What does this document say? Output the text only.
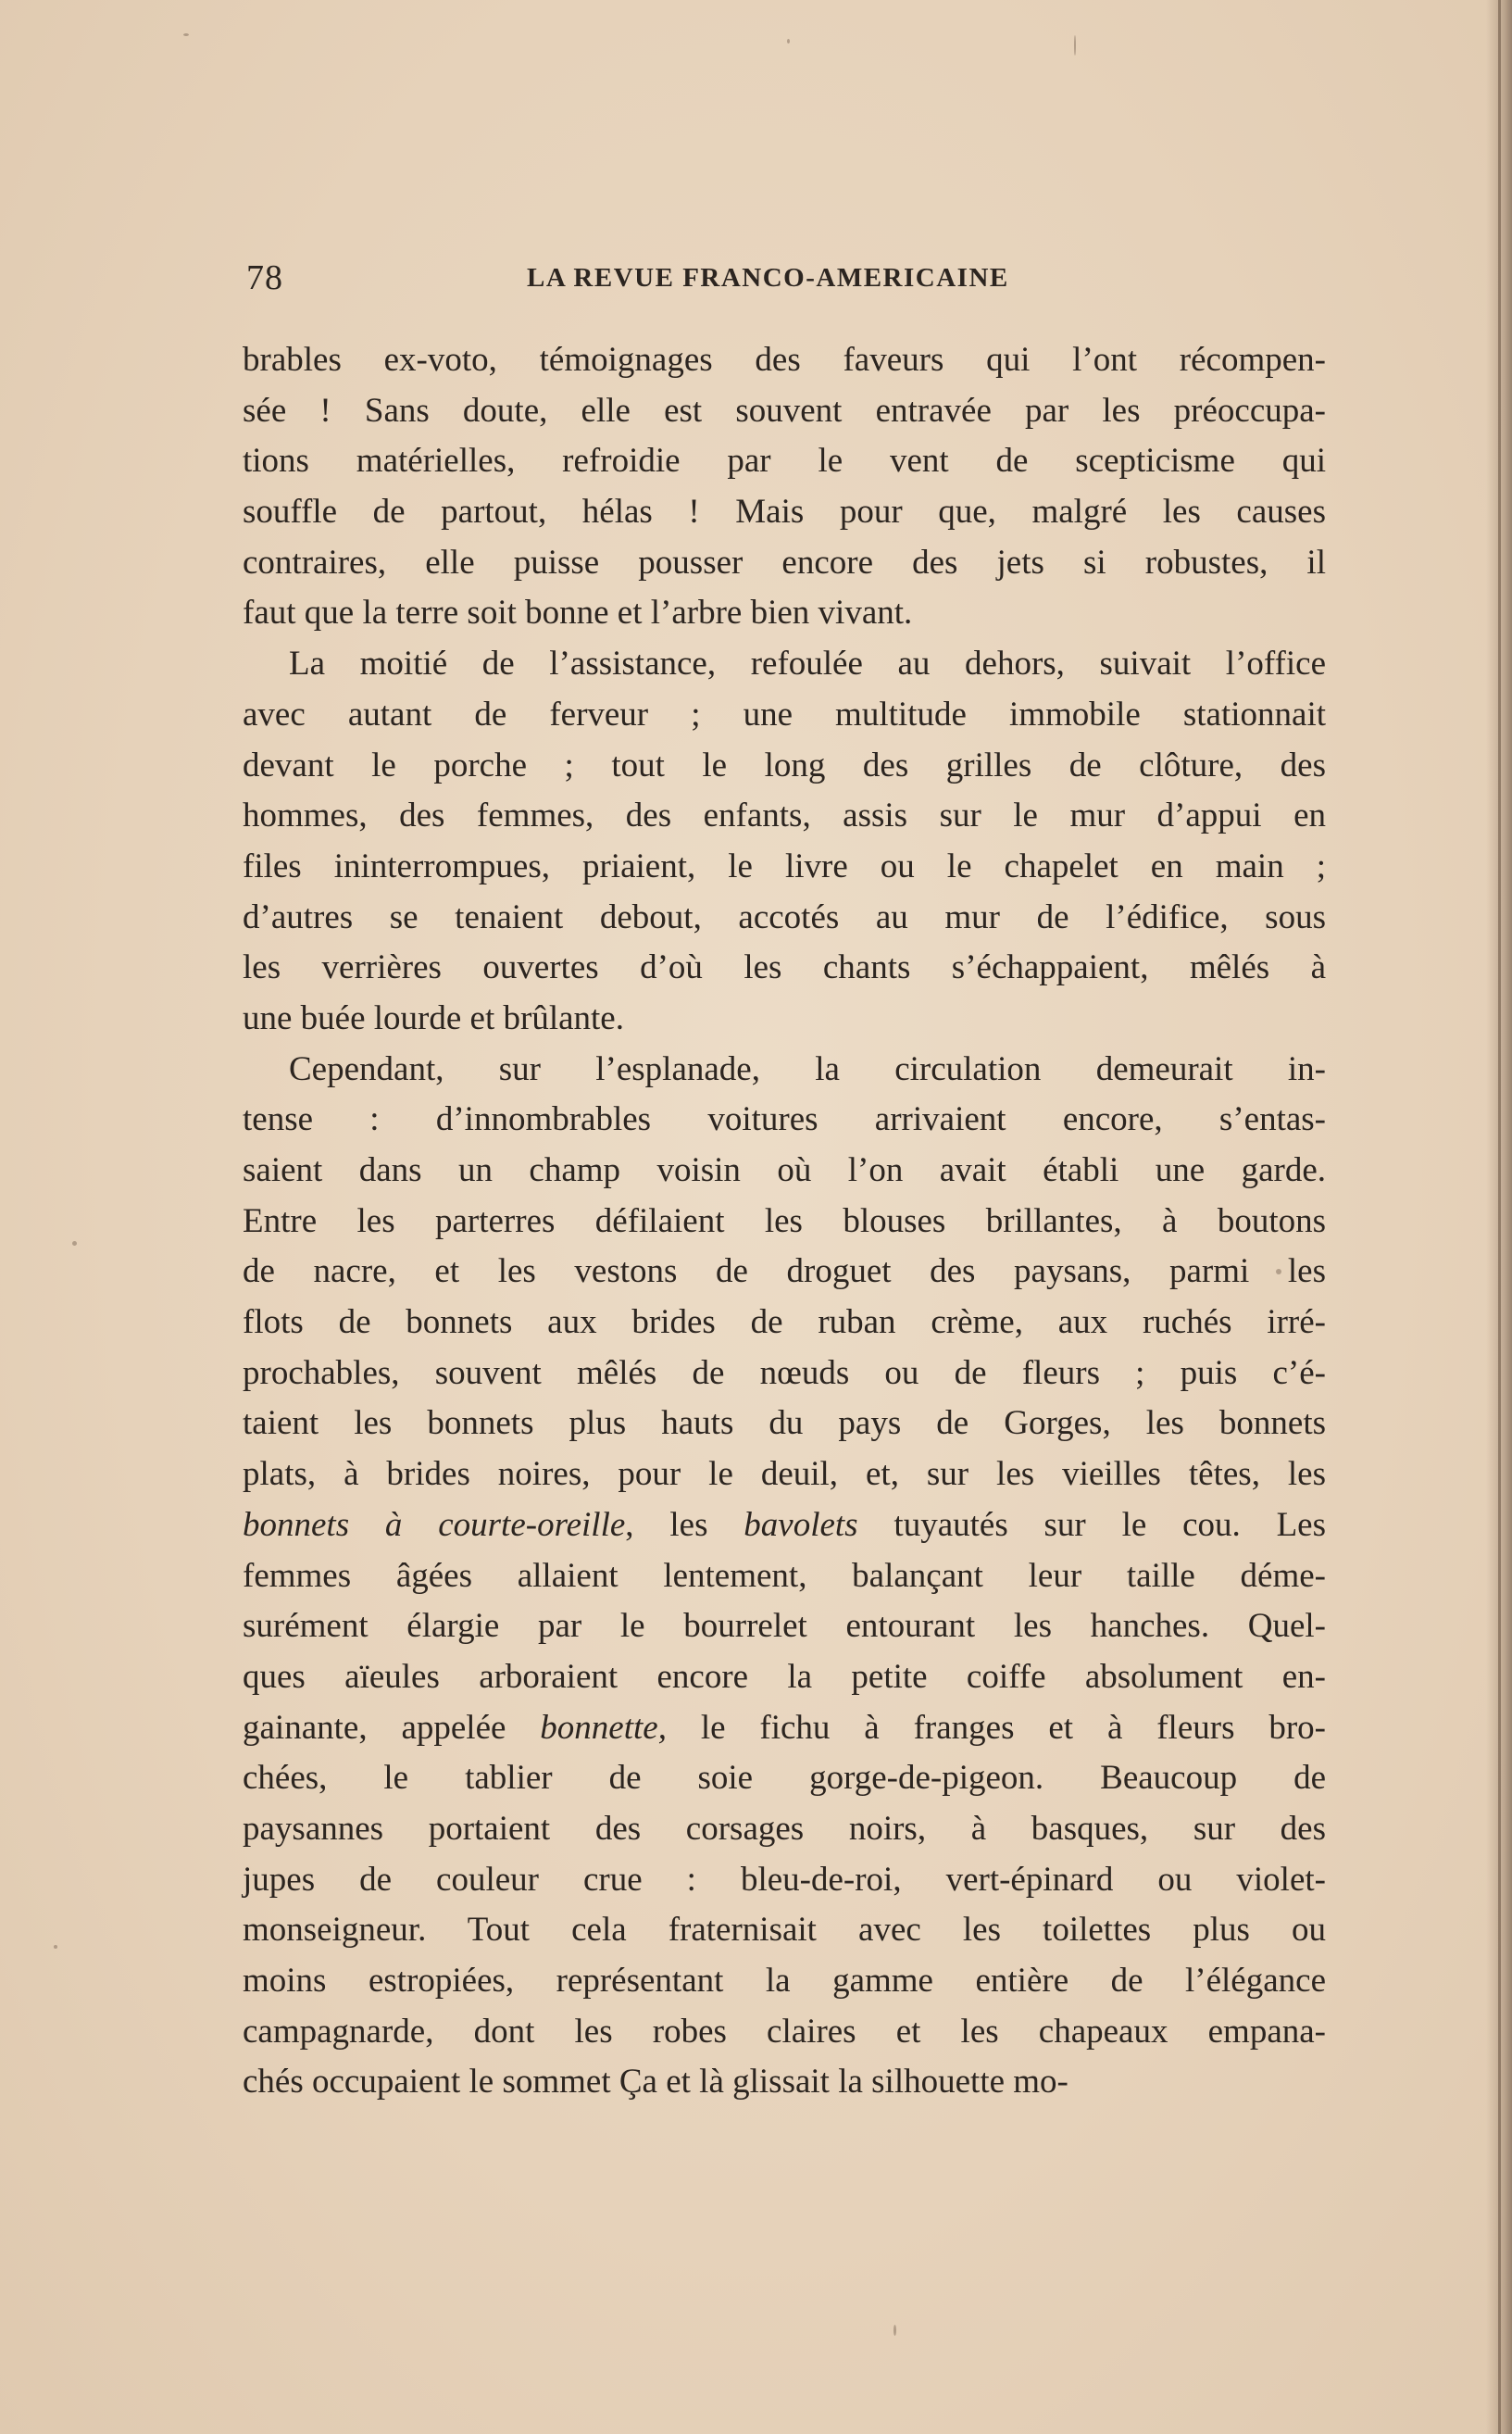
78	LA REVUE FRANCO-AMERICAINE
brables ex-voto, témoignages des faveurs qui l’ont récompen-
sée ! Sans doute, elle est souvent entravée par les préoccupa-
tions matérielles, refroidie par le vent de scepticisme qui
souffle de partout, hélas ! Mais pour que, malgré les causes
contraires, elle puisse pousser encore des jets si robustes, il
faut que la terre soit bonne et l’arbre bien vivant.
La moitié de l’assistance, refoulée au dehors, suivait l’office
avec autant de ferveur ; une multitude immobile stationnait
devant le porche ; tout le long des grilles de clôture, des
hommes, des femmes, des enfants, assis sur le mur d’appui en
files ininterrompues, priaient, le livre ou le chapelet en main ;
d’autres se tenaient debout, accotés au mur de l’édifice, sous
les verrières ouvertes d’où les chants s’échappaient, mêlés à
une buée lourde et brûlante.
Cependant, sur l’esplanade, la circulation demeurait in-
tense : d’innombrables voitures arrivaient encore, s’entas-
saient dans un champ voisin où l’on avait établi une garde.
Entre les parterres défilaient les blouses brillantes, à boutons
de nacre, et les vestons de droguet des paysans, parmi les
flots de bonnets aux brides de ruban crème, aux ruchés irré-
prochables, souvent mêlés de nœuds ou de fleurs ; puis c’é-
taient les bonnets plus hauts du pays de Gorges, les bonnets
plats, à brides noires, pour le deuil, et, sur les vieilles têtes, les
bonnets à courte-oreille, les bavolets tuyautés sur le cou. Les
femmes âgées allaient lentement, balançant leur taille déme-
surément élargie par le bourrelet entourant les hanches. Quel-
ques aïeules arboraient encore la petite coiffe absolument en-
gainante, appelée bonnette, le fichu à franges et à fleurs bro-
chées, le tablier de soie gorge-de-pigeon. Beaucoup de
paysannes portaient des corsages noirs, à basques, sur des
jupes de couleur crue : bleu-de-roi, vert-épinard ou violet-
monseigneur. Tout cela fraternisait avec les toilettes plus ou
moins estropiées, représentant la gamme entière de l’élégance
campagnarde, dont les robes claires et les chapeaux empana-
chés occupaient le sommet Ça et là glissait la silhouette mo-
